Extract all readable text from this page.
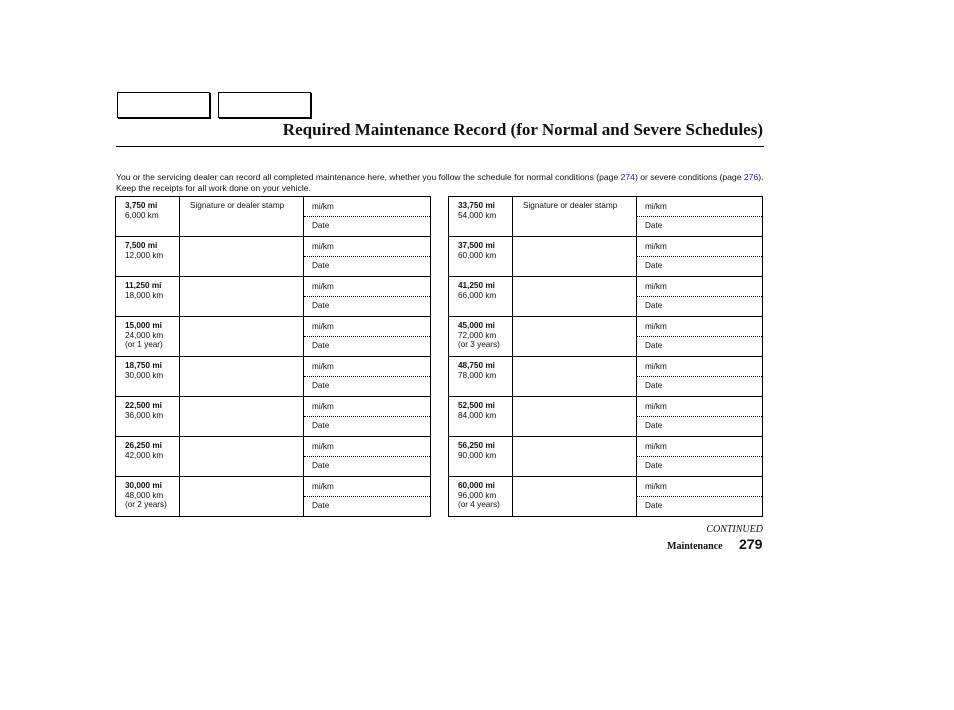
Required Maintenance Record (for Normal and Severe Schedules)
You or the servicing dealer can record all completed maintenance here, whether you follow the schedule for normal conditions (page 274) or severe conditions (page 276). Keep the receipts for all work done on your vehicle.
3,750 mi
6,000 km	Signature or dealer stamp	mi/km
Date

7,500 mi
12,000 km		mi/km
Date

11,250 mi
18,000 km		mi/km
Date

15,000 mi
24,000 km
(or 1 year)		mi/km
Date

18,750 mi
30,000 km		mi/km
Date

22,500 mi
36,000 km		mi/km
Date

26,250 mi
42,000 km		mi/km
Date

30,000 mi
48,000 km
(or 2 years)		mi/km
Date
33,750 mi
54,000 km	Signature or dealer stamp	mi/km
Date

37,500 mi
60,000 km		mi/km
Date

41,250 mi
66,000 km		mi/km
Date

45,000 mi
72,000 km
(or 3 years)		mi/km
Date

48,750 mi
78,000 km		mi/km
Date

52,500 mi
84,000 km		mi/km
Date

56,250 mi
90,000 km		mi/km
Date

60,000 mi
96,000 km
(or 4 years)		mi/km
Date
CONTINUED
Maintenance 279
